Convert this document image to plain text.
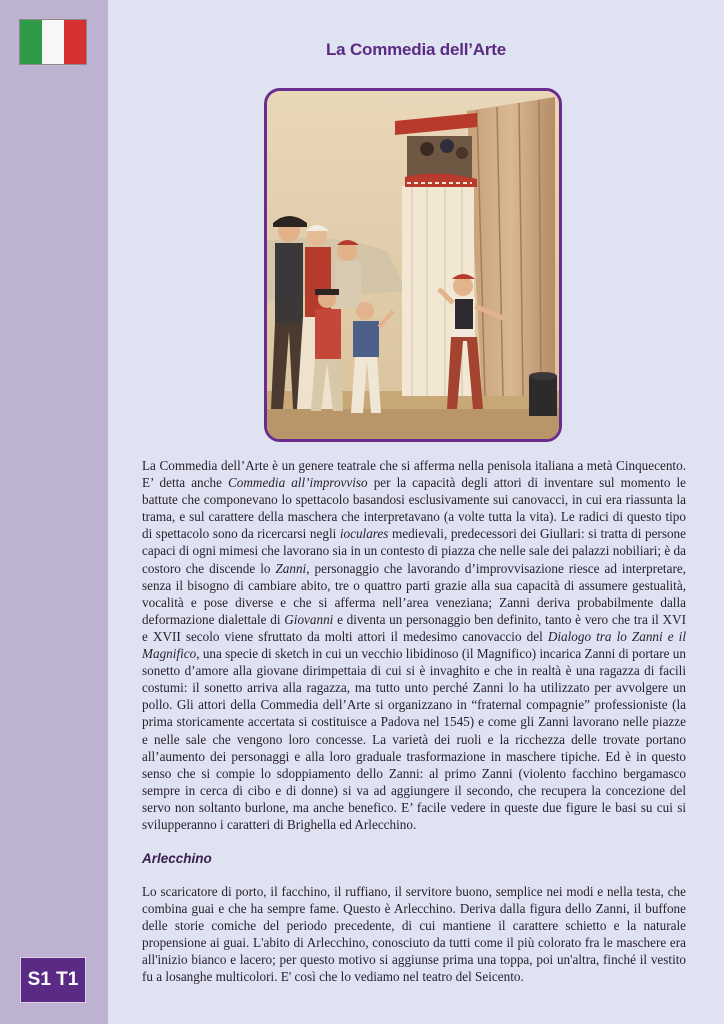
S1 T1
La Commedia dell’Arte

La Commedia dell’Arte è un genere teatrale che si afferma nella penisola italiana a metà Cinquecento. E’ detta anche Commedia all’improvviso per la capacità degli attori di inventare sul momento le battute che componevano lo spettacolo basandosi esclusivamente sui canovacci, in cui era riassunta la trama, e sul carattere della maschera che interpretavano (a volte tutta la vita). Le radici di questo tipo di spettacolo sono da ricercarsi negli ioculares medievali, predecessori dei Giullari: si tratta di persone capaci di ogni mimesi che lavorano sia in un contesto di piazza che nelle sale dei palazzi nobiliari; è da costoro che discende lo Zanni, personaggio che lavorando d’improvvisazione riesce ad interpretare, senza il bisogno di cambiare abito, tre o quattro parti grazie alla sua capacità di assumere gestualità, vocalità e pose diverse e che si afferma nell’area veneziana; Zanni deriva probabilmente dalla deformazione dialettale di Giovanni e diventa un personaggio ben definito, tanto è vero che tra il XVI e XVII secolo viene sfruttato da molti attori il medesimo canovaccio del Dialogo tra lo Zanni e il Magnifico, una specie di sketch in cui un vecchio libidinoso (il Magnifico) incarica Zanni di portare un sonetto d’amore alla giovane dirimpettaia di cui si è invaghito e che in realtà è una ragazza di facili costumi: il sonetto arriva alla ragazza, ma tutto unto perché Zanni lo ha utilizzato per avvolgere un pollo. Gli attori della Commedia dell’Arte si organizzano in “fraternal compagnie” professioniste (la prima storicamente accertata si costituisce a Padova nel 1545) e come gli Zanni lavorano nelle piazze e nelle sale che vengono loro concesse. La varietà dei ruoli e la ricchezza delle trovate portano all’aumento dei personaggi e alla loro graduale trasformazione in maschere tipiche. Ed è in questo senso che si compie lo sdoppiamento dello Zanni: al primo Zanni (violento facchino bergamasco sempre in cerca di cibo e di donne) si va ad aggiungere il secondo, che recupera la concezione del servo non soltanto burlone, ma anche benefico. E’ facile vedere in queste due figure le basi su cui si svilupperanno i caratteri di Brighella ed Arlecchino.

Arlecchino

Lo scaricatore di porto, il facchino, il ruffiano, il servitore buono, semplice nei modi e nella testa, che combina guai e che ha sempre fame. Questo è Arlecchino. Deriva dalla figura dello Zanni, il buffone delle storie comiche del periodo precedente, di cui mantiene il carattere schietto e la naturale propensione ai guai. L'abito di Arlecchino, conosciuto da tutti come il più colorato fra le maschere era all'inizio bianco e lacero; per questo motivo si aggiunse prima una toppa, poi un'altra, finché il vestito fu a losanghe multicolori. E' così che lo vediamo nel teatro del Seicento.
